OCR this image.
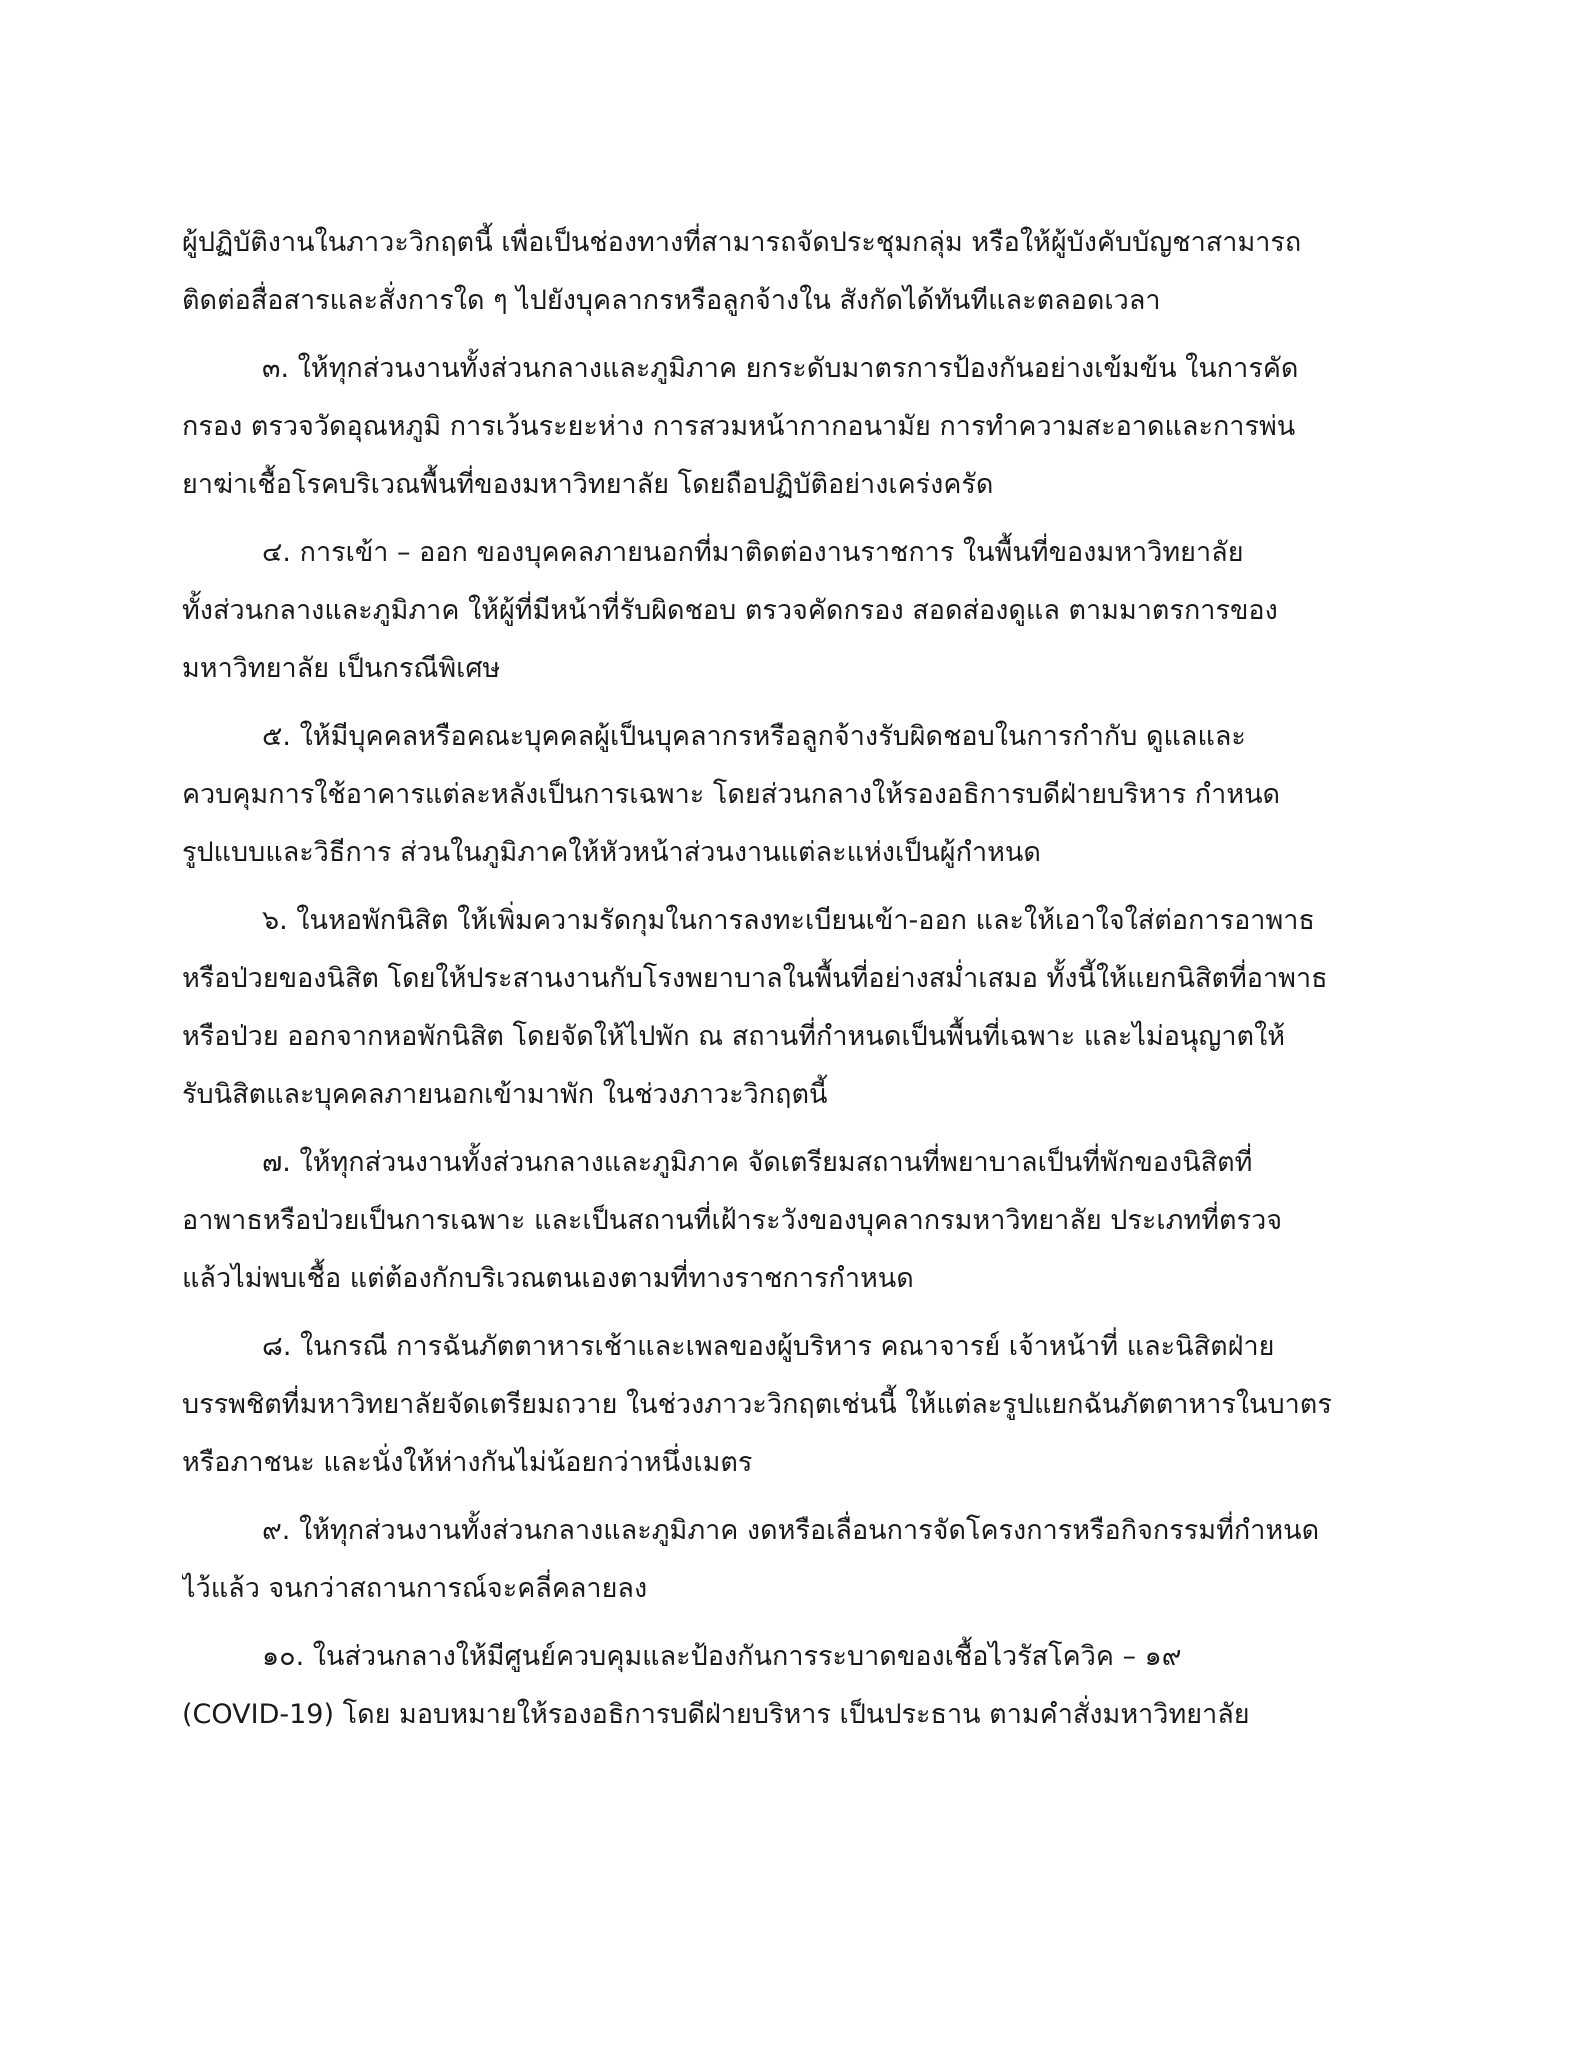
ผู้ปฏิบัติงานในภาวะวิกฤตนี้ เพื่อเป็นช่องทางที่สามารถจัดประชุมกลุ่ม หรือให้ผู้บังคับบัญชาสามารถ
ติดต่อสื่อสารและสั่งการใด ๆ ไปยังบุคลากรหรือลูกจ้างใน สังกัดได้ทันทีและตลอดเวลา
๓. ให้ทุกส่วนงานทั้งส่วนกลางและภูมิภาค ยกระดับมาตรการป้องกันอย่างเข้มข้น ในการคัด
กรอง ตรวจวัดอุณหภูมิ การเว้นระยะห่าง การสวมหน้ากากอนามัย การทำความสะอาดและการพ่น
ยาฆ่าเชื้อโรคบริเวณพื้นที่ของมหาวิทยาลัย โดยถือปฏิบัติอย่างเคร่งครัด
๔. การเข้า – ออก ของบุคคลภายนอกที่มาติดต่องานราชการ ในพื้นที่ของมหาวิทยาลัย
ทั้งส่วนกลางและภูมิภาค ให้ผู้ที่มีหน้าที่รับผิดชอบ ตรวจคัดกรอง สอดส่องดูแล ตามมาตรการของ
มหาวิทยาลัย เป็นกรณีพิเศษ
๕. ให้มีบุคคลหรือคณะบุคคลผู้เป็นบุคลากรหรือลูกจ้างรับผิดชอบในการกำกับ ดูแลและ
ควบคุมการใช้อาคารแต่ละหลังเป็นการเฉพาะ โดยส่วนกลางให้รองอธิการบดีฝ่ายบริหาร กำหนด
รูปแบบและวิธีการ ส่วนในภูมิภาคให้หัวหน้าส่วนงานแต่ละแห่งเป็นผู้กำหนด
๖. ในหอพักนิสิต ให้เพิ่มความรัดกุมในการลงทะเบียนเข้า-ออก และให้เอาใจใส่ต่อการอาพาธ
หรือป่วยของนิสิต โดยให้ประสานงานกับโรงพยาบาลในพื้นที่อย่างสม่ำเสมอ ทั้งนี้ให้แยกนิสิตที่อาพาธ
หรือป่วย ออกจากหอพักนิสิต โดยจัดให้ไปพัก ณ สถานที่กำหนดเป็นพื้นที่เฉพาะ และไม่อนุญาตให้
รับนิสิตและบุคคลภายนอกเข้ามาพัก ในช่วงภาวะวิกฤตนี้
๗. ให้ทุกส่วนงานทั้งส่วนกลางและภูมิภาค จัดเตรียมสถานที่พยาบาลเป็นที่พักของนิสิตที่
อาพาธหรือป่วยเป็นการเฉพาะ และเป็นสถานที่เฝ้าระวังของบุคลากรมหาวิทยาลัย ประเภทที่ตรวจ
แล้วไม่พบเชื้อ แต่ต้องกักบริเวณตนเองตามที่ทางราชการกำหนด
๘. ในกรณี การฉันภัตตาหารเช้าและเพลของผู้บริหาร คณาจารย์ เจ้าหน้าที่ และนิสิตฝ่าย
บรรพชิตที่มหาวิทยาลัยจัดเตรียมถวาย ในช่วงภาวะวิกฤตเช่นนี้ ให้แต่ละรูปแยกฉันภัตตาหารในบาตร
หรือภาชนะ และนั่งให้ห่างกันไม่น้อยกว่าหนึ่งเมตร
๙. ให้ทุกส่วนงานทั้งส่วนกลางและภูมิภาค งดหรือเลื่อนการจัดโครงการหรือกิจกรรมที่กำหนด
ไว้แล้ว จนกว่าสถานการณ์จะคลี่คลายลง
๑๐. ในส่วนกลางให้มีศูนย์ควบคุมและป้องกันการระบาดของเชื้อไวรัสโควิค – ๑๙
(COVID-19) โดย มอบหมายให้รองอธิการบดีฝ่ายบริหาร เป็นประธาน ตามคำสั่งมหาวิทยาลัย
